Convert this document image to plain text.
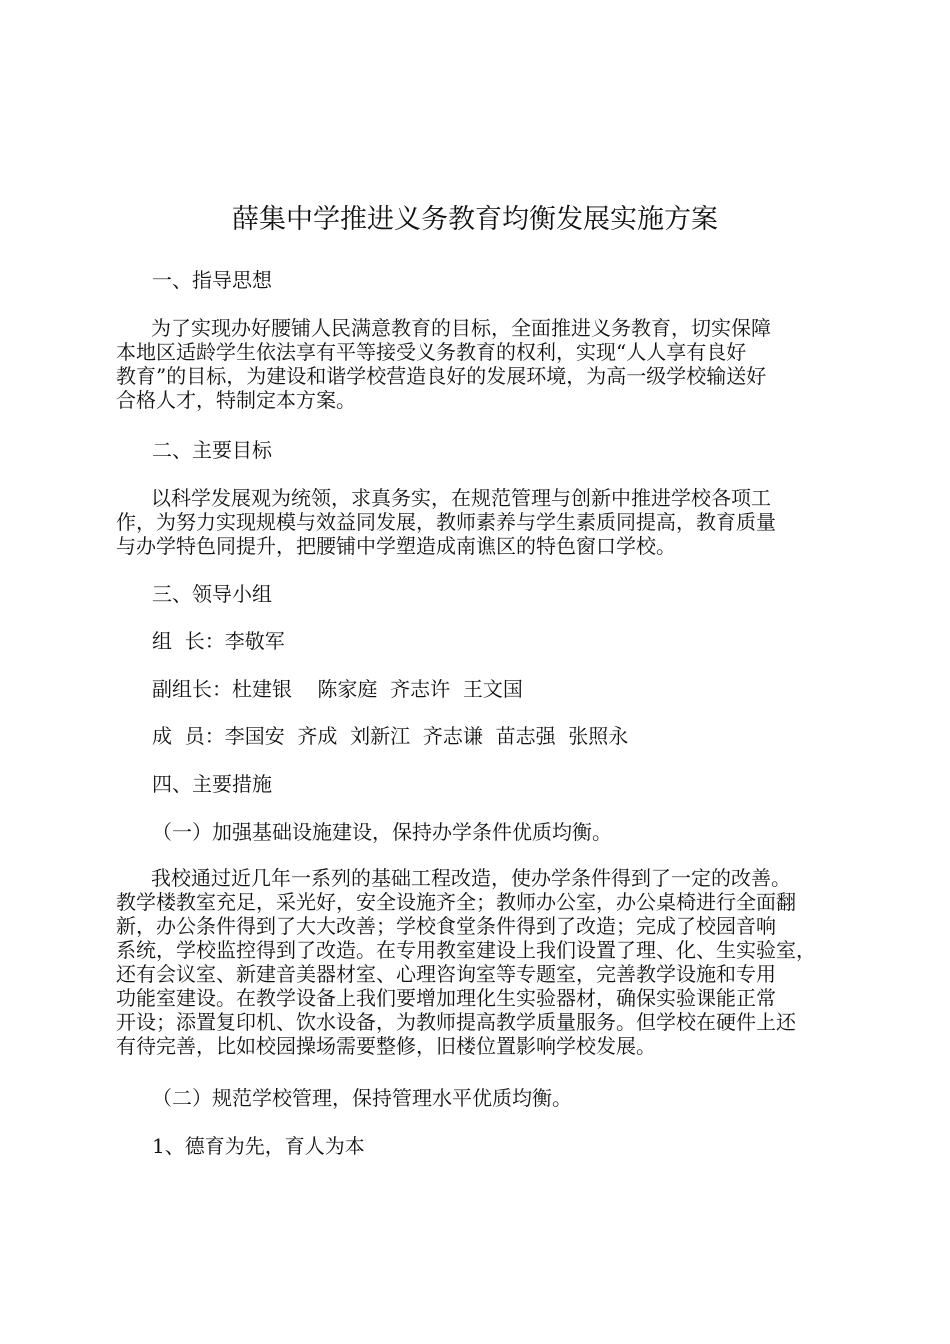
薛集中学推进义务教育均衡发展实施方案
一、指导思想
为了实现办好腰铺人民满意教育的目标，全面推进义务教育，切实保障
本地区适龄学生依法享有平等接受义务教育的权利，实现“人人享有良好
教育”的目标，为建设和谐学校营造良好的发展环境，为高一级学校输送好
合格人才，特制定本方案。
二、主要目标
以科学发展观为统领，求真务实，在规范管理与创新中推进学校各项工
作，为努力实现规模与效益同发展，教师素养与学生素质同提高，教育质量
与办学特色同提升，把腰铺中学塑造成南谯区的特色窗口学校。
三、领导小组
组  长：李敬军
副组长：杜建银    陈家庭  齐志许  王文国
成  员：李国安  齐成  刘新江  齐志谦  苗志强  张照永
四、主要措施
（一）加强基础设施建设，保持办学条件优质均衡。
我校通过近几年一系列的基础工程改造，使办学条件得到了一定的改善。
教学楼教室充足，采光好，安全设施齐全；教师办公室，办公桌椅进行全面翻
新，办公条件得到了大大改善；学校食堂条件得到了改造；完成了校园音响
系统，学校监控得到了改造。在专用教室建设上我们设置了理、化、生实验室，
还有会议室、新建音美器材室、心理咨询室等专题室，完善教学设施和专用
功能室建设。在教学设备上我们要增加理化生实验器材，确保实验课能正常
开设；添置复印机、饮水设备，为教师提高教学质量服务。但学校在硬件上还
有待完善，比如校园操场需要整修，旧楼位置影响学校发展。
（二）规范学校管理，保持管理水平优质均衡。
1、德育为先，育人为本
